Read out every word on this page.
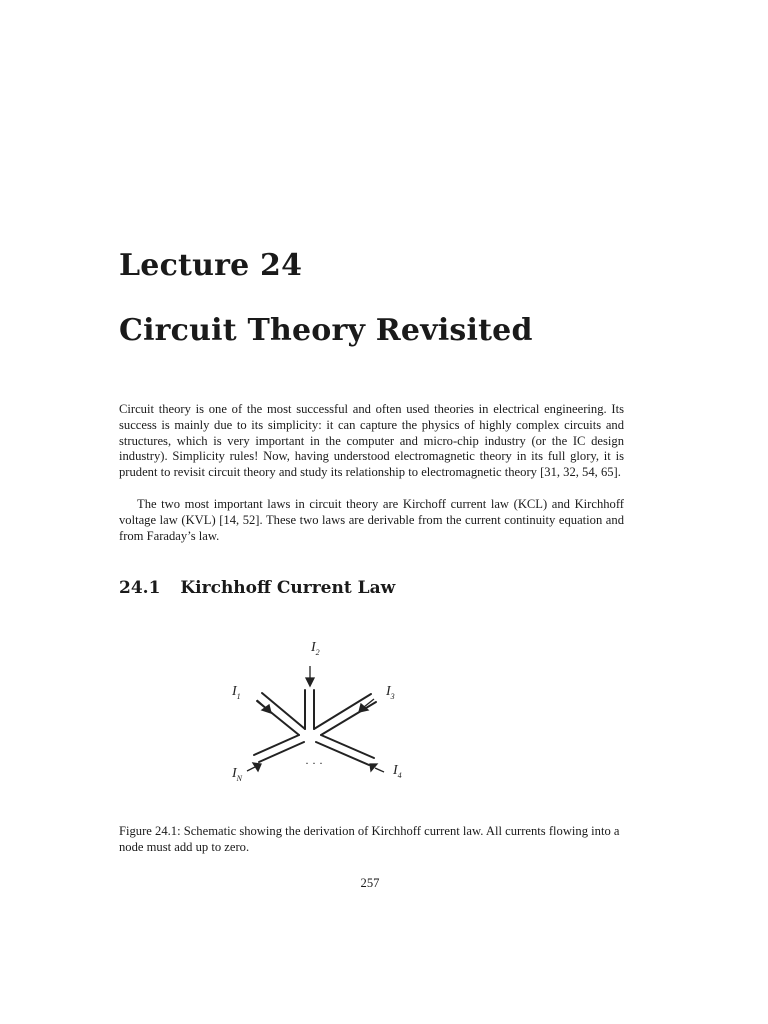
Lecture 24
Circuit Theory Revisited

Circuit theory is one of the most successful and often used theories in electrical engineering. Its success is mainly due to its simplicity: it can capture the physics of highly complex circuits and structures, which is very important in the computer and micro-chip industry (or the IC design industry). Simplicity rules! Now, having understood electromagnetic theory in its full glory, it is prudent to revisit circuit theory and study its relationship to electromagnetic theory [31, 32, 54, 65].

The two most important laws in circuit theory are Kirchoff current law (KCL) and Kirchhoff voltage law (KVL) [14, 52]. These two laws are derivable from the current continuity equation and from Faraday’s law.

24.1 Kirchhoff Current Law
$I_2$
$I_1$	$I_3$
$I_N$
$I_4$
· · ·

Figure 24.1: Schematic showing the derivation of Kirchhoff current law. All currents flowing into a node must add up to zero.

257
